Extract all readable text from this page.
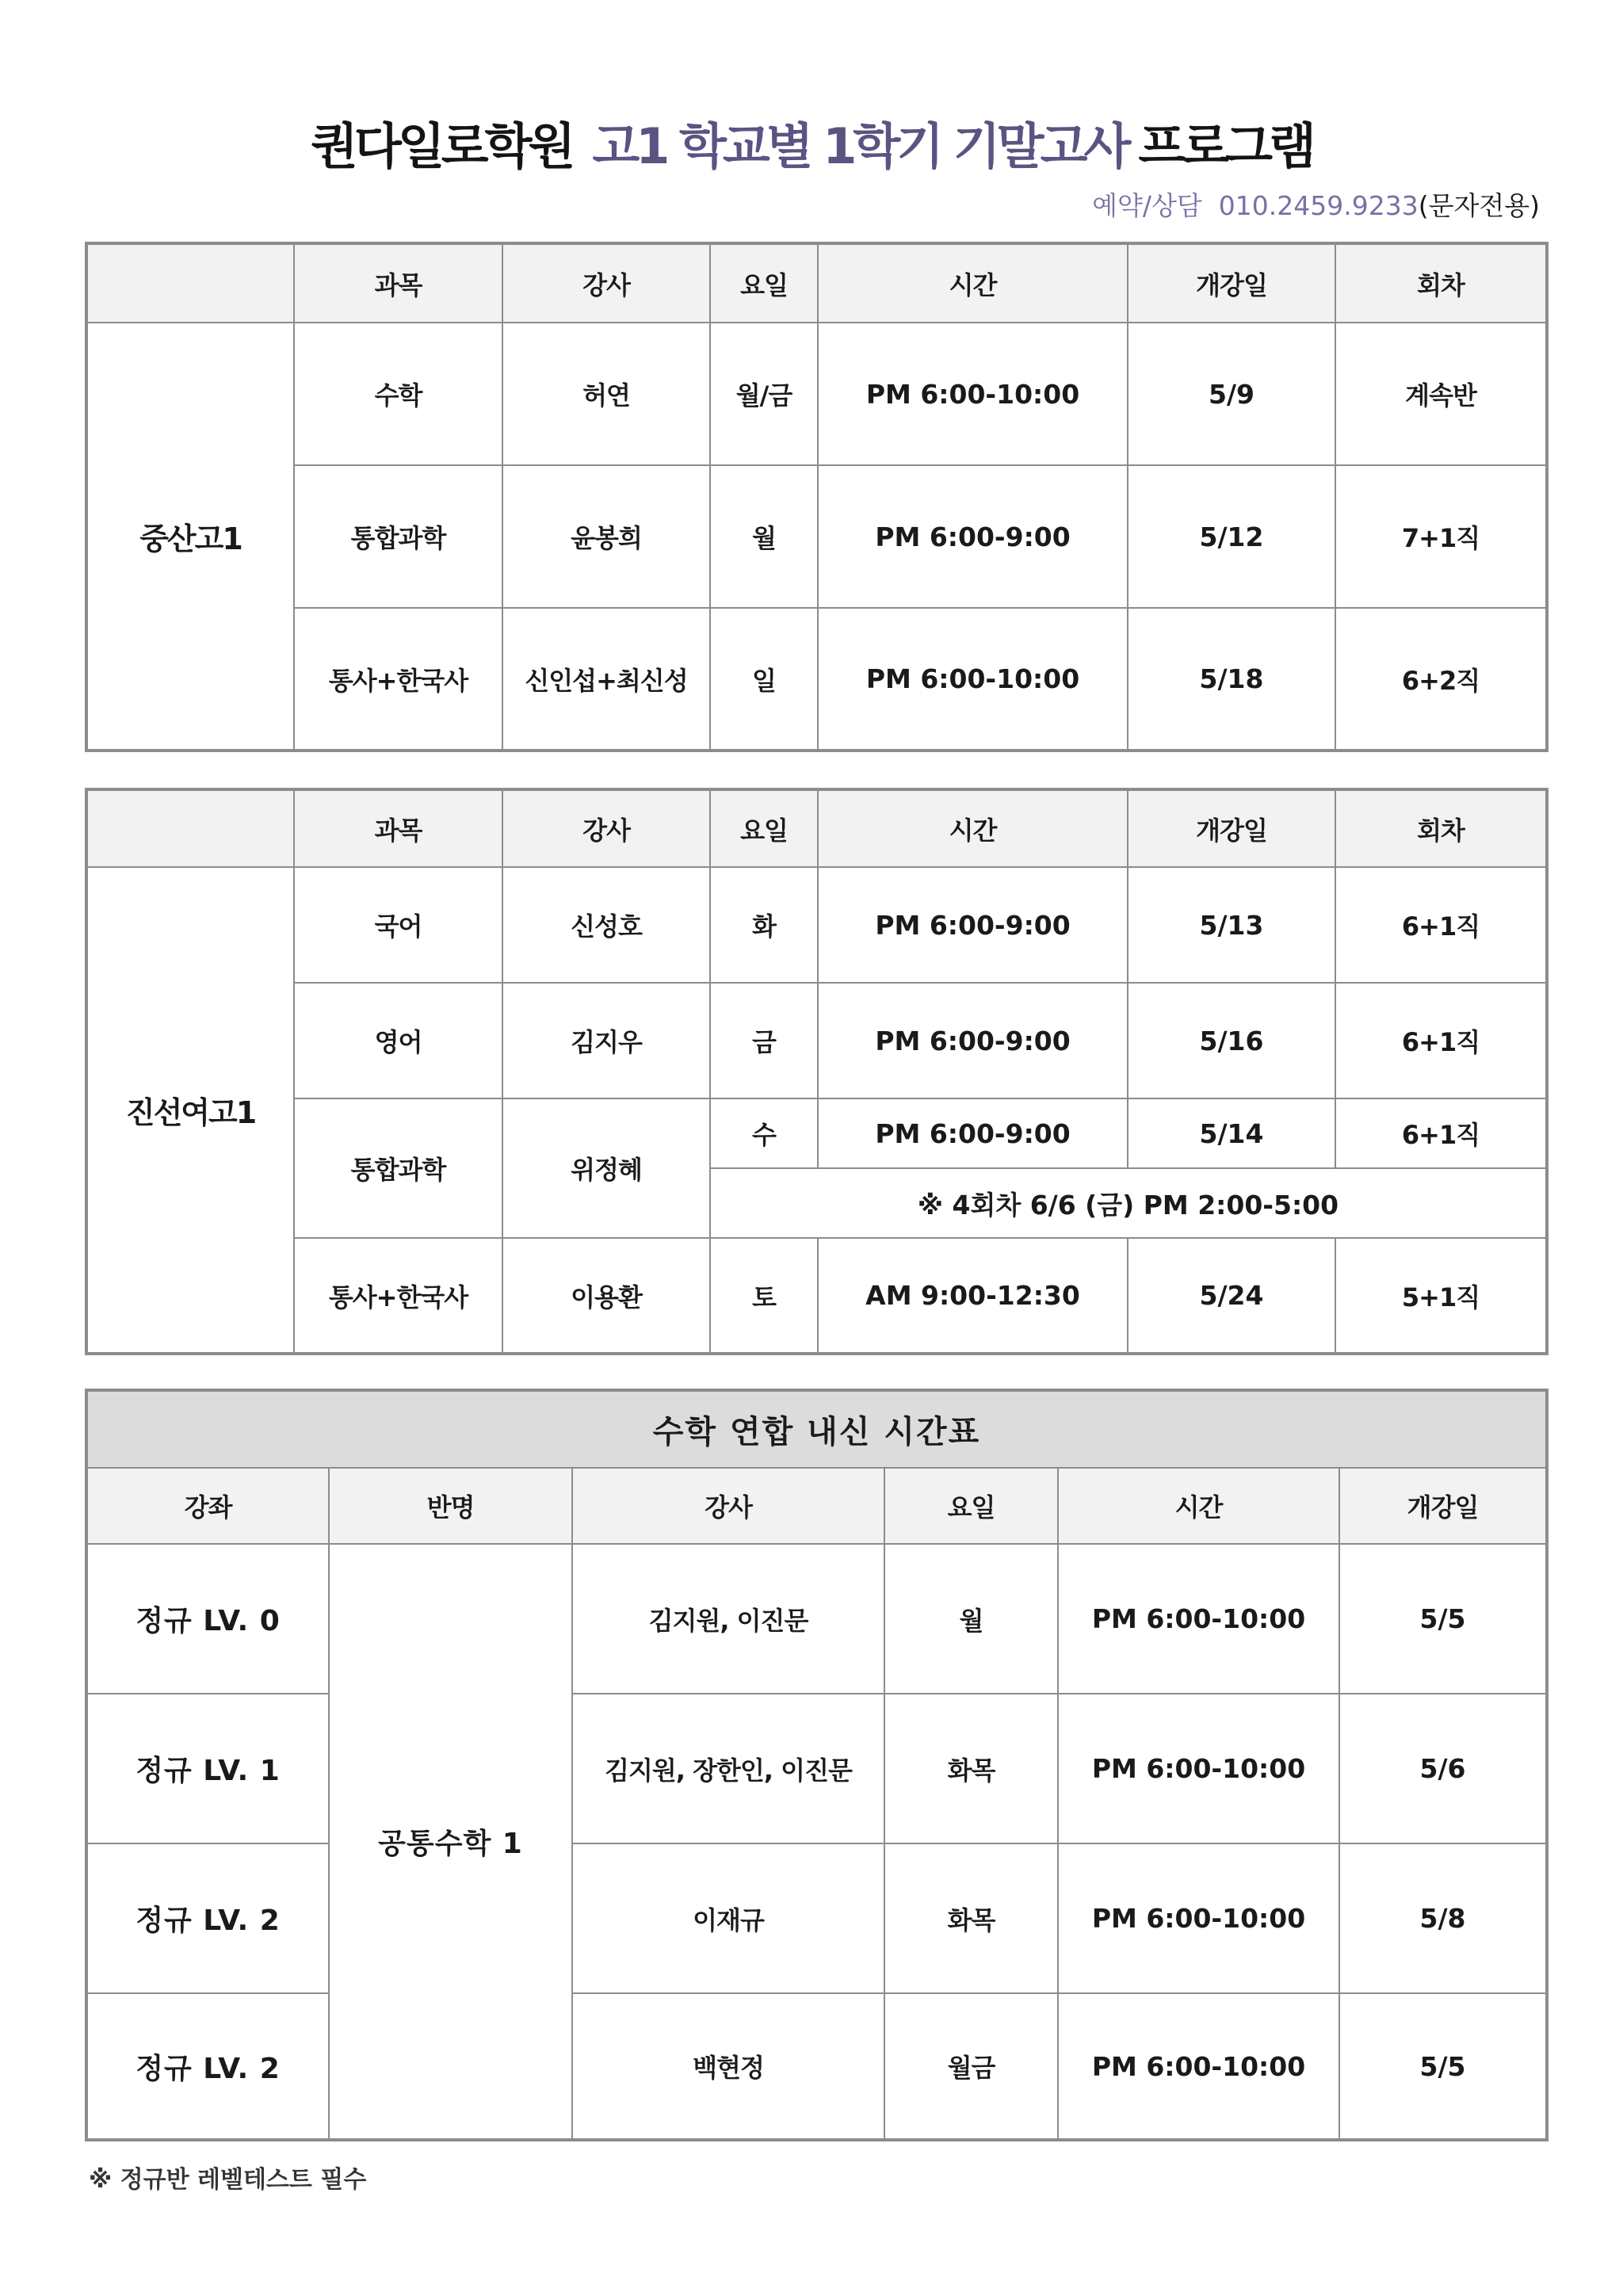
퀀다일로학원 고1 학교별 1학기 기말고사 프로그램
예약/상담 010.2459.9233(문자전용)
	과목	강사	요일	시간	개강일	회차
중산고1	수학	허연	월/금	PM 6:00-10:00	5/9	계속반
	통합과학	윤봉희	월	PM 6:00-9:00	5/12	7+1직
	통사+한국사	신인섭+최신성	일	PM 6:00-10:00	5/18	6+2직
	과목	강사	요일	시간	개강일	회차
진선여고1	국어	신성호	화	PM 6:00-9:00	5/13	6+1직
	영어	김지우	금	PM 6:00-9:00	5/16	6+1직
	통합과학	위정혜	수	PM 6:00-9:00	5/14	6+1직
			※ 4회차 6/6 (금) PM 2:00-5:00			
	통사+한국사	이용환	토	AM 9:00-12:30	5/24	5+1직
수학 연합 내신 시간표					
강좌	반명	강사	요일	시간	개강일
정규 LV. 0	공통수학 1	김지원, 이진문	월	PM 6:00-10:00	5/5
정규 LV. 1		김지원, 장한인, 이진문	화목	PM 6:00-10:00	5/6
정규 LV. 2		이재규	화목	PM 6:00-10:00	5/8
정규 LV. 2		백현정	월금	PM 6:00-10:00	5/5
※ 정규반 레벨테스트 필수
